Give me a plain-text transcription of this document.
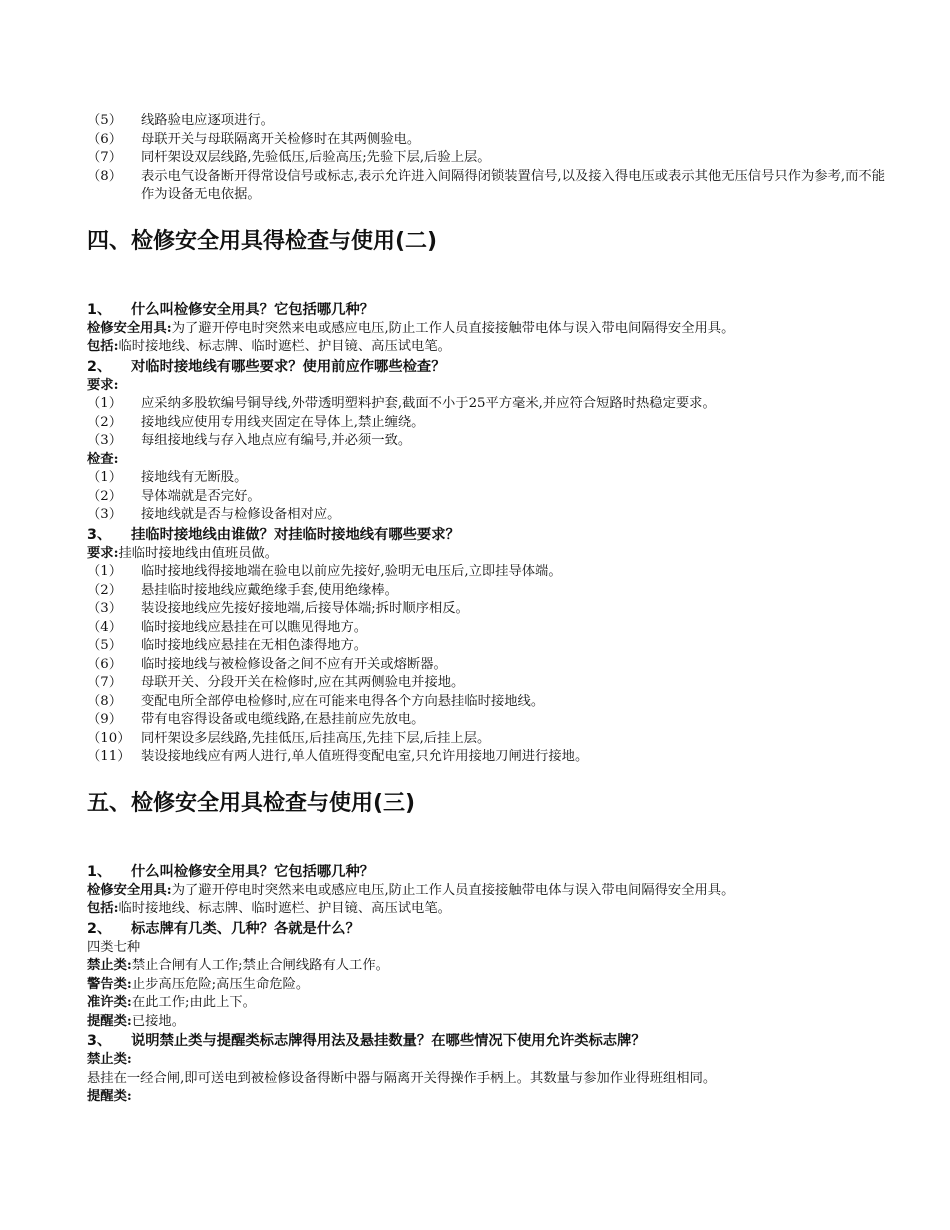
（5）	线路验电应逐项进行。
（6）	母联开关与母联隔离开关检修时在其两侧验电。
（7）	同杆架设双层线路,先验低压,后验高压;先验下层,后验上层。
（8）	表示电气设备断开得常设信号或标志,表示允许进入间隔得闭锁装置信号,以及接入得电压或表示其他无压信号只作为参考,而不能作为设备无电依据。
四、检修安全用具得检查与使用(二)
1、 什么叫检修安全用具？它包括哪几种？
检修安全用具:为了避开停电时突然来电或感应电压,防止工作人员直接接触带电体与误入带电间隔得安全用具。
包括:临时接地线、标志牌、临时遮栏、护目镜、高压试电笔。
2、 对临时接地线有哪些要求？使用前应作哪些检查？
要求:
（1）	应采纳多股软编号铜导线,外带透明塑料护套,截面不小于25平方毫米,并应符合短路时热稳定要求。
（2）	接地线应使用专用线夹固定在导体上,禁止缠绕。
（3）	每组接地线与存入地点应有编号,并必须一致。
检查:
（1）	接地线有无断股。
（2）	导体端就是否完好。
（3）	接地线就是否与检修设备相对应。
3、 挂临时接地线由谁做？对挂临时接地线有哪些要求？
要求:挂临时接地线由值班员做。
（1）	临时接地线得接地端在验电以前应先接好,验明无电压后,立即挂导体端。
（2）	悬挂临时接地线应戴绝缘手套,使用绝缘棒。
（3）	装设接地线应先接好接地端,后接导体端;拆时顺序相反。
（4）	临时接地线应悬挂在可以瞧见得地方。
（5）	临时接地线应悬挂在无相色漆得地方。
（6）	临时接地线与被检修设备之间不应有开关或熔断器。
（7）	母联开关、分段开关在检修时,应在其两侧验电并接地。
（8）	变配电所全部停电检修时,应在可能来电得各个方向悬挂临时接地线。
（9）	带有电容得设备或电缆线路,在悬挂前应先放电。
（10） 同杆架设多层线路,先挂低压,后挂高压,先挂下层,后挂上层。
（11） 装设接地线应有两人进行,单人值班得变配电室,只允许用接地刀闸进行接地。
五、检修安全用具检查与使用(三)
1、 什么叫检修安全用具？它包括哪几种？
检修安全用具:为了避开停电时突然来电或感应电压,防止工作人员直接接触带电体与误入带电间隔得安全用具。
包括:临时接地线、标志牌、临时遮栏、护目镜、高压试电笔。
2、 标志牌有几类、几种？各就是什么？
四类七种
禁止类:禁止合闸有人工作;禁止合闸线路有人工作。
警告类:止步高压危险;高压生命危险。
准许类:在此工作;由此上下。
提醒类:已接地。
3、 说明禁止类与提醒类标志牌得用法及悬挂数量？在哪些情况下使用允许类标志牌？
禁止类:
悬挂在一经合闸,即可送电到被检修设备得断中器与隔离开关得操作手柄上。其数量与参加作业得班组相同。
提醒类:
